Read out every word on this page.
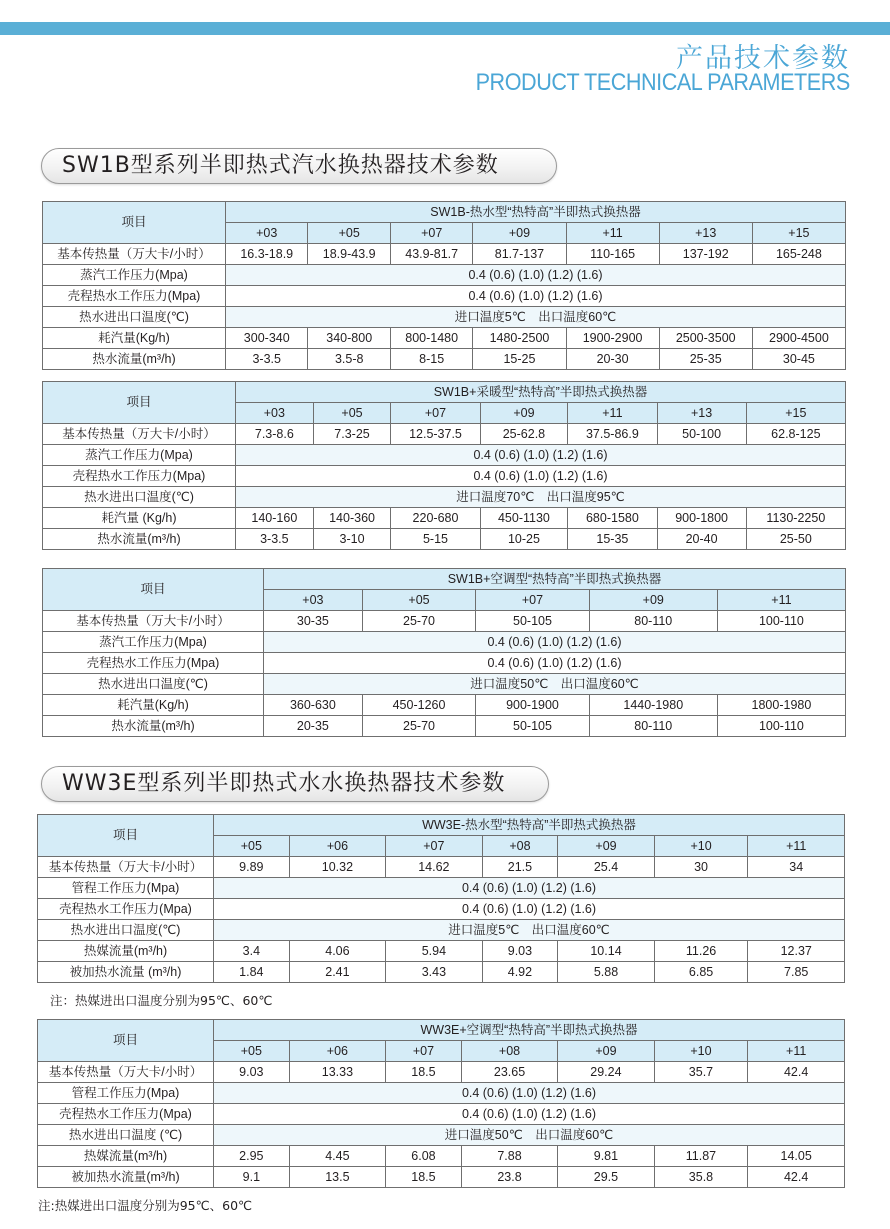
产品技术参数
PRODUCT TECHNICAL PARAMETERS
SW1B型系列半即热式汽水换热器技术参数
项目	SW1B-热水型“热特高”半即热式换热器						
	+03	+05	+07	+09	+11	+13	+15
基本传热量（万大卡/小时）	16.3-18.9	18.9-43.9	43.9-81.7	81.7-137	110-165	137-192	165-248
蒸汽工作压力(Mpa)	0.4 (0.6) (1.0) (1.2) (1.6)						
壳程热水工作压力(Mpa)	0.4 (0.6) (1.0) (1.2) (1.6)						
热水进出口温度(℃)	进口温度5℃　出口温度60℃						
耗汽量(Kg/h)	300-340	340-800	800-1480	1480-2500	1900-2900	2500-3500	2900-4500
热水流量(m³/h)	3-3.5	3.5-8	8-15	15-25	20-30	25-35	30-45
项目	SW1B+采暖型“热特高”半即热式换热器						
	+03	+05	+07	+09	+11	+13	+15
基本传热量（万大卡/小时）	7.3-8.6	7.3-25	12.5-37.5	25-62.8	37.5-86.9	50-100	62.8-125
蒸汽工作压力(Mpa)	0.4 (0.6) (1.0) (1.2) (1.6)						
壳程热水工作压力(Mpa)	0.4 (0.6) (1.0) (1.2) (1.6)						
热水进出口温度(℃)	进口温度70℃　出口温度95℃						
耗汽量 (Kg/h)	140-160	140-360	220-680	450-1130	680-1580	900-1800	1130-2250
热水流量(m³/h)	3-3.5	3-10	5-15	10-25	15-35	20-40	25-50
项目	SW1B+空调型“热特高”半即热式换热器				
	+03	+05	+07	+09	+11
基本传热量（万大卡/小时）	30-35	25-70	50-105	80-110	100-110
蒸汽工作压力(Mpa)	0.4 (0.6) (1.0) (1.2) (1.6)				
壳程热水工作压力(Mpa)	0.4 (0.6) (1.0) (1.2) (1.6)				
热水进出口温度(℃)	进口温度50℃　出口温度60℃				
耗汽量(Kg/h)	360-630	450-1260	900-1900	1440-1980	1800-1980
热水流量(m³/h)	20-35	25-70	50-105	80-110	100-110
WW3E型系列半即热式水水换热器技术参数
项目	WW3E-热水型“热特高”半即热式换热器						
	+05	+06	+07	+08	+09	+10	+11
基本传热量（万大卡/小时）	9.89	10.32	14.62	21.5	25.4	30	34
管程工作压力(Mpa)	0.4 (0.6) (1.0) (1.2) (1.6)						
壳程热水工作压力(Mpa)	0.4 (0.6) (1.0) (1.2) (1.6)						
热水进出口温度(℃)	进口温度5℃　出口温度60℃						
热媒流量(m³/h)	3.4	4.06	5.94	9.03	10.14	11.26	12.37
被加热水流量 (m³/h)	1.84	2.41	3.43	4.92	5.88	6.85	7.85
注：热媒进出口温度分别为95℃、60℃
项目	WW3E+空调型“热特高”半即热式换热器						
	+05	+06	+07	+08	+09	+10	+11
基本传热量（万大卡/小时）	9.03	13.33	18.5	23.65	29.24	35.7	42.4
管程工作压力(Mpa)	0.4 (0.6) (1.0) (1.2) (1.6)						
壳程热水工作压力(Mpa)	0.4 (0.6) (1.0) (1.2) (1.6)						
热水进出口温度 (℃)	进口温度50℃　出口温度60℃						
热媒流量(m³/h)	2.95	4.45	6.08	7.88	9.81	11.87	14.05
被加热水流量(m³/h)	9.1	13.5	18.5	23.8	29.5	35.8	42.4
注:热媒进出口温度分别为95℃、60℃
